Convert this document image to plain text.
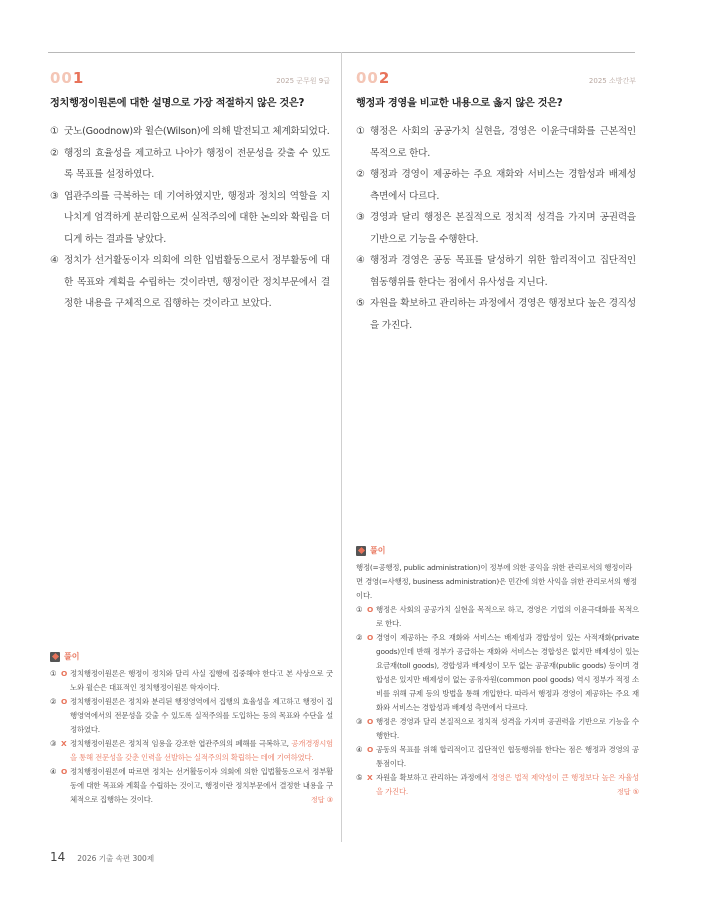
001	2025 군무원 9급
정치행정이원론에 대한 설명으로 가장 적절하지 않은 것은?
① 굿노(Goodnow)와 윌슨(Wilson)에 의해 발전되고 체계화되었다.
② 행정의 효율성을 제고하고 나아가 행정이 전문성을 갖출 수 있도록 목표를 설정하였다.
③ 엽관주의를 극복하는 데 기여하였지만, 행정과 정치의 역할을 지나치게 엄격하게 분리함으로써 실적주의에 대한 논의와 확립을 더디게 하는 결과를 낳았다.
④ 정치가 선거활동이자 의회에 의한 입법활동으로서 정부활동에 대한 목표와 계획을 수립하는 것이라면, 행정이란 정치부문에서 결정한 내용을 구체적으로 집행하는 것이라고 보았다.
002	2025 소방간부
행정과 경영을 비교한 내용으로 옳지 않은 것은?
① 행정은 사회의 공공가치 실현을, 경영은 이윤극대화를 근본적인 목적으로 한다.
② 행정과 경영이 제공하는 주요 재화와 서비스는 경합성과 배제성 측면에서 다르다.
③ 경영과 달리 행정은 본질적으로 정치적 성격을 가지며 공권력을 기반으로 기능을 수행한다.
④ 행정과 경영은 공동 목표를 달성하기 위한 합리적이고 집단적인 협동행위를 한다는 점에서 유사성을 지닌다.
⑤ 자원을 확보하고 관리하는 과정에서 경영은 행정보다 높은 경직성을 가진다.
풀이
① O 정치행정이원론은 행정이 정치와 달리 사실 집행에 집중해야 한다고 본 사상으로 굿노와 윌슨은 대표적인 정치행정이원론 학자이다.
② O 정치행정이원론은 정치와 분리된 행정영역에서 집행의 효율성을 제고하고 행정이 집행영역에서의 전문성을 갖출 수 있도록 실적주의를 도입하는 등의 목표와 수단을 설정하였다.
③ X 정치행정이원론은 정치적 임용을 강조한 엽관주의의 폐해를 극복하고, 공개경쟁시험을 통해 전문성을 갖춘 인력을 선발하는 실적주의의 확립하는 데에 기여하였다.
④ O 정치행정이원론에 따르면 정치는 선거활동이자 의회에 의한 입법활동으로서 정부활동에 대한 목표와 계획을 수립하는 것이고, 행정이란 정치부문에서 결정한 내용을 구체적으로 집행하는 것이다.	정답 ③
풀이
행정(=공행정, public administration)이 정부에 의한 공익을 위한 관리로서의 행정이라면 경영(=사행정, business administration)은 민간에 의한 사익을 위한 관리로서의 행정이다.
① O 행정은 사회의 공공가치 실현을 목적으로 하고, 경영은 기업의 이윤극대화를 목적으로 한다.
② O 경영이 제공하는 주요 재화와 서비스는 배제성과 경합성이 있는 사적재화(private goods)인데 반해 정부가 공급하는 재화와 서비스는 경합성은 없지만 배제성이 있는 요금재(toll goods), 경합성과 배제성이 모두 없는 공공재(public goods) 등이며 경합성은 있지만 배제성이 없는 공유자원(common pool goods) 역시 정부가 적정 소비를 위해 규제 등의 방법을 통해 개입한다. 따라서 행정과 경영이 제공하는 주요 재화와 서비스는 경합성과 배제성 측면에서 다르다.
③ O 행정은 경영과 달리 본질적으로 정치적 성격을 가지며 공권력을 기반으로 기능을 수행한다.
④ O 공동의 목표를 위해 합리적이고 집단적인 협동행위를 한다는 점은 행정과 경영의 공통점이다.
⑤ X 자원을 확보하고 관리하는 과정에서 경영은 법적 제약성이 큰 행정보다 높은 자율성을 가진다.	정답 ⑤
14 2026 기출 속편 300제
